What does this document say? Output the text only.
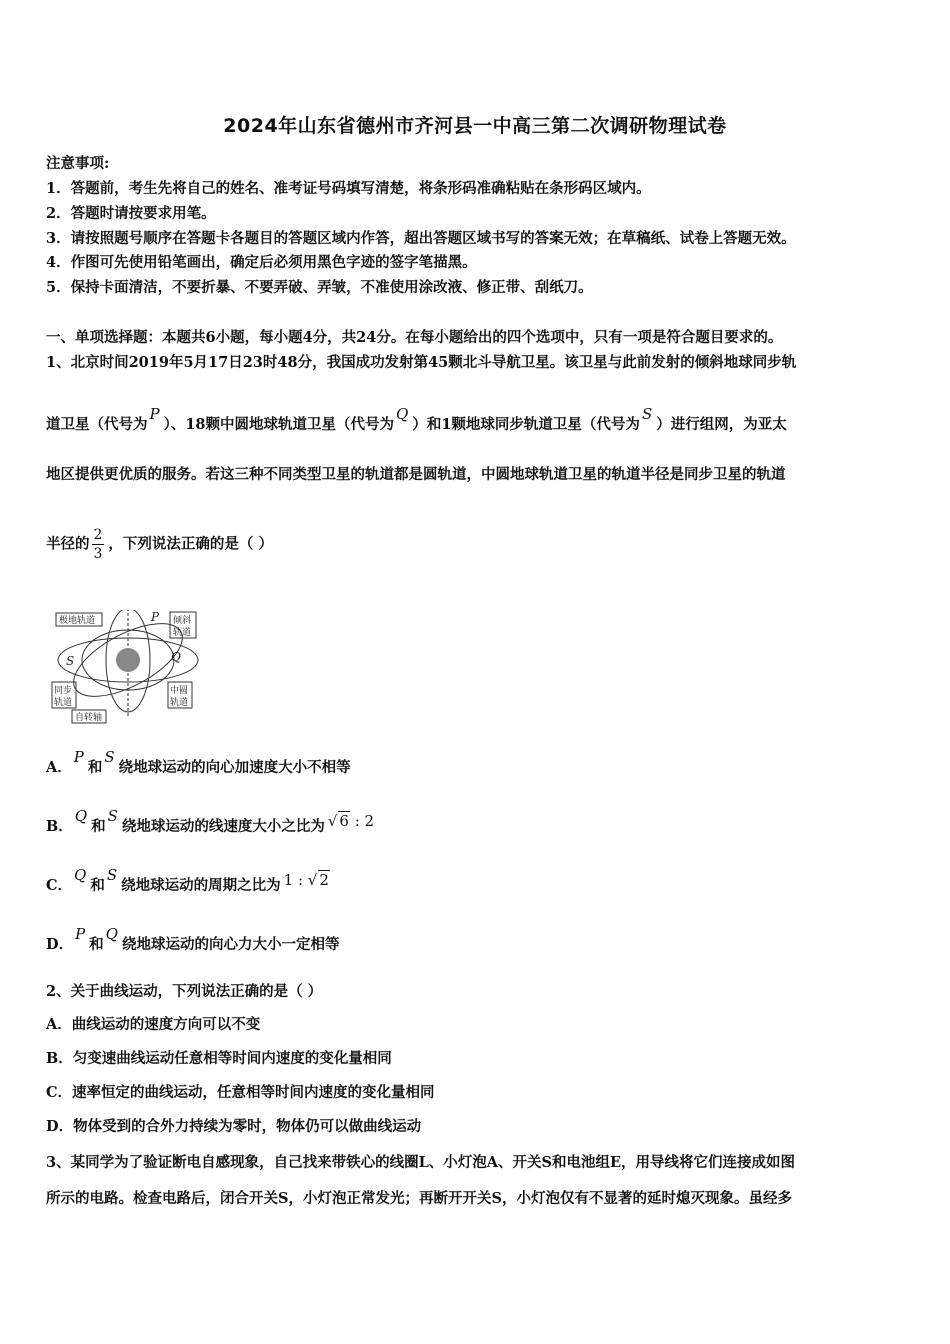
2024年山东省德州市齐河县一中高三第二次调研物理试卷
注意事项:
1．答题前，考生先将自己的姓名、准考证号码填写清楚，将条形码准确粘贴在条形码区域内。
2．答题时请按要求用笔。
3．请按照题号顺序在答题卡各题目的答题区域内作答，超出答题区域书写的答案无效；在草稿纸、试卷上答题无效。
4．作图可先使用铅笔画出，确定后必须用黑色字迹的签字笔描黑。
5．保持卡面清洁，不要折暴、不要弄破、弄皱，不准使用涂改液、修正带、刮纸刀。
一、单项选择题：本题共6小题，每小题4分，共24分。在每小题给出的四个选项中，只有一项是符合题目要求的。
1、北京时间2019年5月17日23时48分，我国成功发射第45颗北斗导航卫星。该卫星与此前发射的倾斜地球同步轨
道卫星（代号为P）、18颗中圆地球轨道卫星（代号为Q）和1颗地球同步轨道卫星（代号为S）进行组网，为亚太
地区提供更优质的服务。若这三种不同类型卫星的轨道都是圆轨道，中圆地球轨道卫星的轨道半径是同步卫星的轨道
半径的 $\frac{2}{3}$ ，下列说法正确的是（ ）
极地轨道	P 倾斜
轨道
S	Q
同步
轨道
中圆
轨道
自转轴
A．P和S绕地球运动的向心加速度大小不相等
B．Q和S绕地球运动的线速度大小之比为 √ 6 : 2
C．Q和S绕地球运动的周期之比为 1 : √ 2
D．P和Q绕地球运动的向心力大小一定相等
2、关于曲线运动，下列说法正确的是（ ）
A．曲线运动的速度方向可以不变
B．匀变速曲线运动任意相等时间内速度的变化量相同
C．速率恒定的曲线运动，任意相等时间内速度的变化量相同
D．物体受到的合外力持续为零时，物体仍可以做曲线运动
3、某同学为了验证断电自感现象，自己找来带铁心的线圈L、小灯泡A、开关S和电池组E，用导线将它们连接成如图
所示的电路。检查电路后，闭合开关S，小灯泡正常发光；再断开开关S，小灯泡仅有不显著的延时熄灭现象。虽经多
